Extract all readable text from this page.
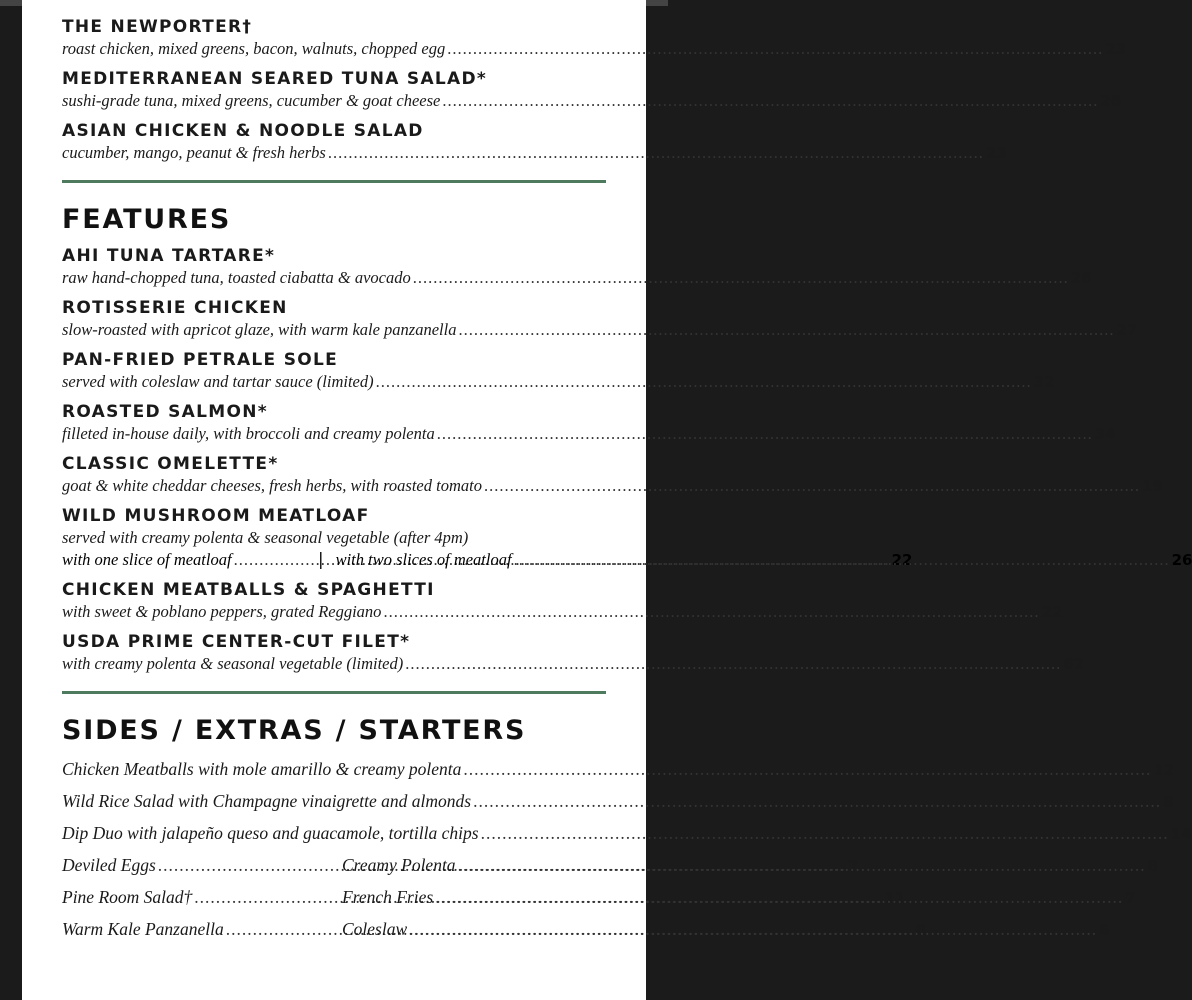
THE NEWPORTER†
roast chicken, mixed greens, bacon, walnuts, chopped egg .....	23
MEDITERRANEAN SEARED TUNA SALAD*
sushi-grade tuna, mixed greens, cucumber & goat cheese .....	26
ASIAN CHICKEN & NOODLE SALAD
cucumber, mango, peanut & fresh herbs .....	23
FEATURES
AHI TUNA TARTARE*
raw hand-chopped tuna, toasted ciabatta & avocado .....	26
ROTISSERIE CHICKEN
slow-roasted with apricot glaze, with warm kale panzanella .....	27
PAN-FRIED PETRALE SOLE
served with coleslaw and tartar sauce (limited) .....	32
ROASTED SALMON*
filleted in-house daily, with broccoli and creamy polenta .....	34
CLASSIC OMELETTE*
goat & white cheddar cheeses, fresh herbs, with roasted tomato .....	19
WILD MUSHROOM MEATLOAF
served with creamy polenta & seasonal vegetable (after 4pm)
with one slice of meatloaf .....	22
| with two slices of meatloaf .....	26
CHICKEN MEATBALLS & SPAGHETTI
with sweet & poblano peppers, grated Reggiano .....	22
USDA PRIME CENTER-CUT FILET*
with creamy polenta & seasonal vegetable (limited) .....	62
SIDES / EXTRAS / STARTERS
Chicken Meatballs with mole amarillo & creamy polenta .....	12
Wild Rice Salad with Champagne vinaigrette and almonds .....	8
Dip Duo with jalapeño queso and guacamole, tortilla chips .....	14
Deviled Eggs .....	7
Creamy Polenta .....	8
Pine Room Salad† .....	11
French Fries .....	7
Warm Kale Panzanella .....	8
Coleslaw .....	6
